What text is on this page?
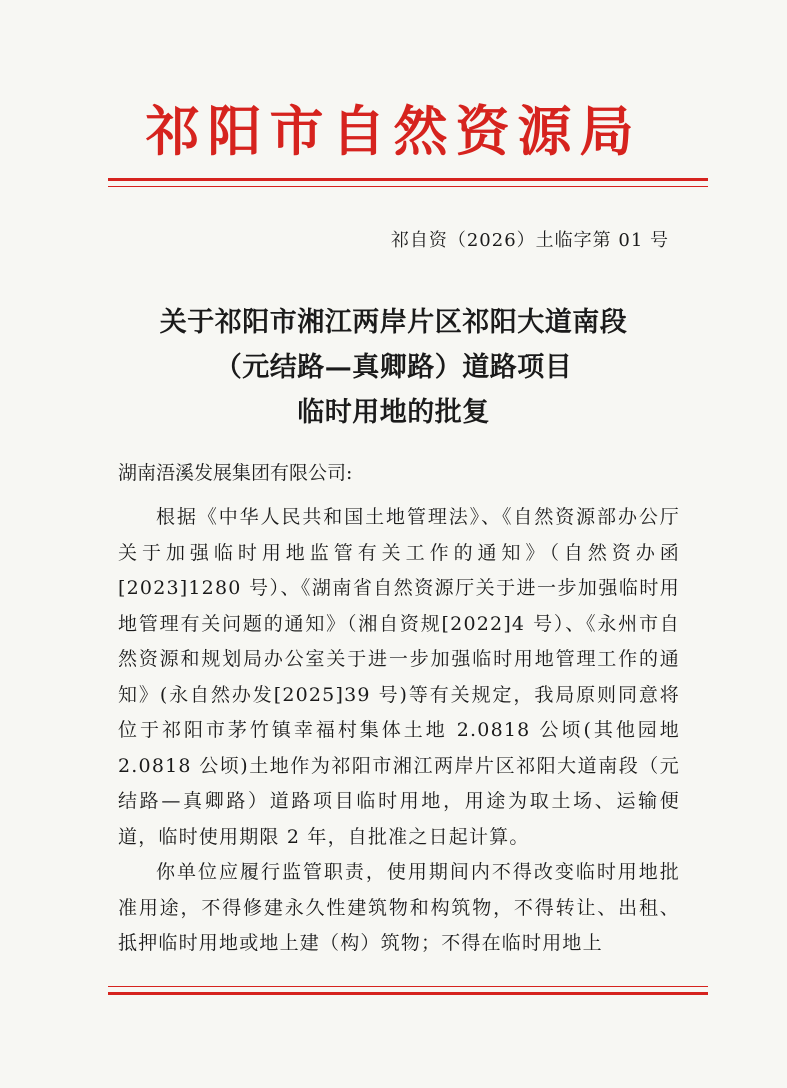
祁阳市自然资源局
祁自资（2026）土临字第 01 号
关于祁阳市湘江两岸片区祁阳大道南段
（元结路—真卿路）道路项目
临时用地的批复
湖南浯溪发展集团有限公司:

根据《中华人民共和国土地管理法》、《自然资源部办公厅关于加强临时用地监管有关工作的通知》（自然资办函[2023]1280 号）、《湖南省自然资源厅关于进一步加强临时用地管理有关问题的通知》（湘自资规[2022]4 号）、《永州市自然资源和规划局办公室关于进一步加强临时用地管理工作的通知》(永自然办发[2025]39 号)等有关规定，我局原则同意将位于祁阳市茅竹镇幸福村集体土地 2.0818 公顷(其他园地 2.0818 公顷)土地作为祁阳市湘江两岸片区祁阳大道南段（元结路—真卿路）道路项目临时用地，用途为取土场、运输便道，临时使用期限 2 年，自批准之日起计算。

你单位应履行监管职责，使用期间内不得改变临时用地批准用途，不得修建永久性建筑物和构筑物，不得转让、出租、抵押临时用地或地上建（构）筑物；不得在临时用地上
